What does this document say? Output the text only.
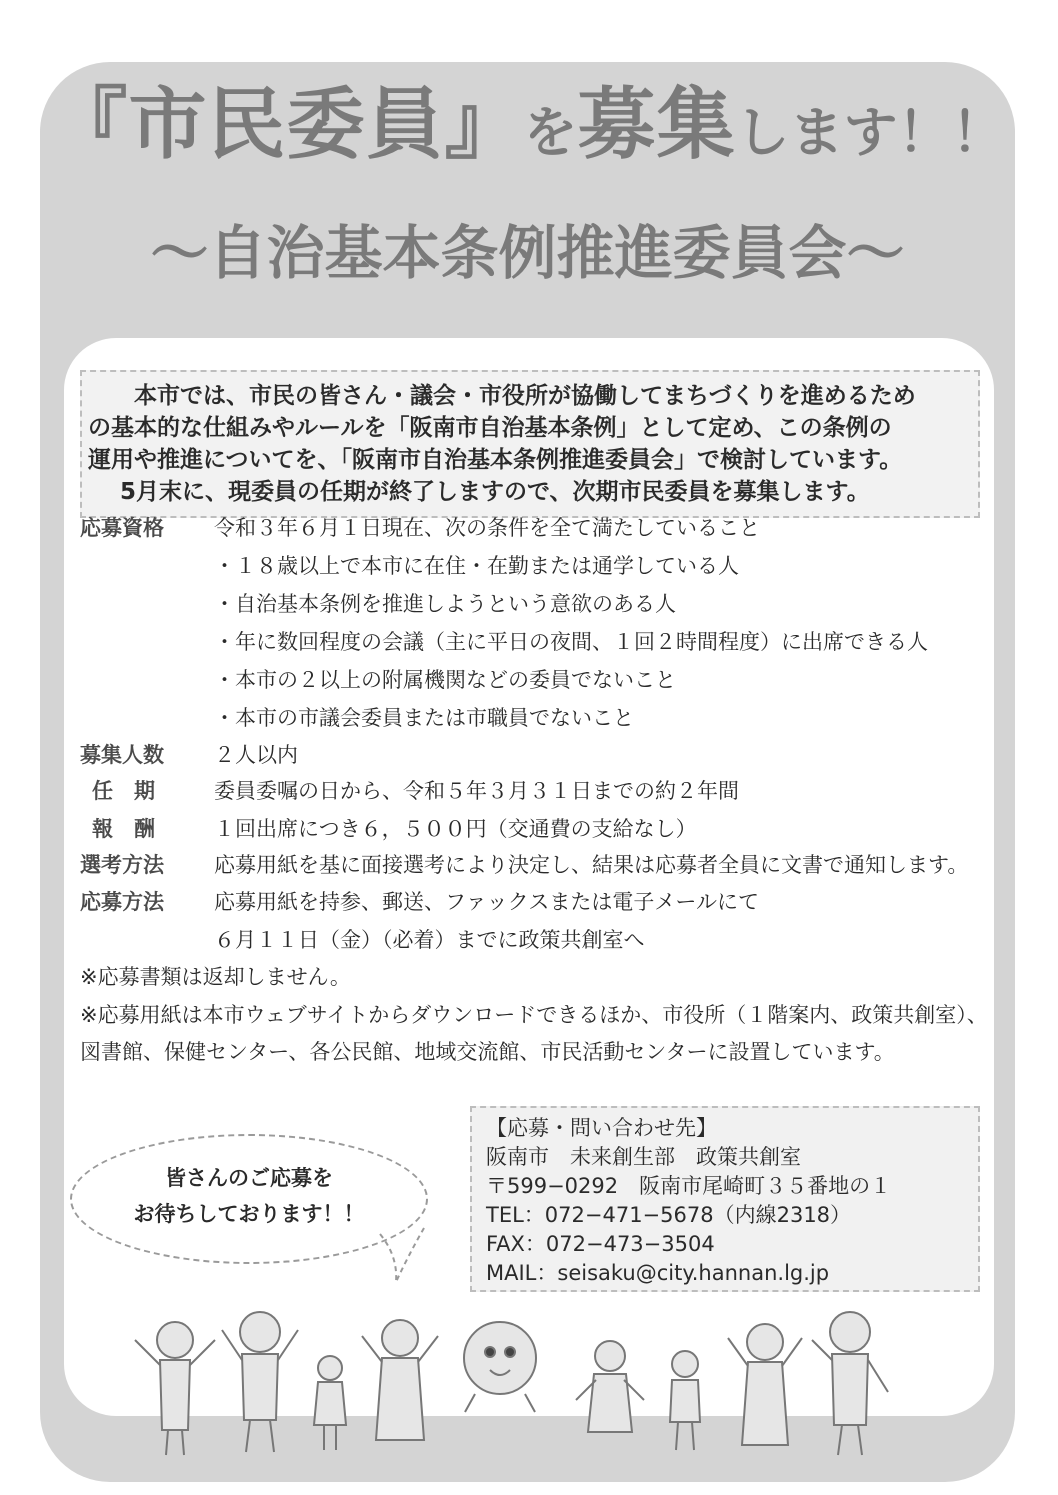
『市民委員』を募集します！！
～自治基本条例推進委員会～

本市では、市民の皆さん・議会・市役所が協働してまちづくりを進めるため

の基本的な仕組みやルールを「阪南市自治基本条例」として定め、この条例の

運用や推進についてを、「阪南市自治基本条例推進委員会」で検討しています。

5月末に、現委員の任期が終了しますので、次期市民委員を募集します。

応募資格	令和３年６月１日現在、次の条件を全て満たしていること
・１８歳以上で本市に在住・在勤または通学している人
・自治基本条例を推進しようという意欲のある人
・年に数回程度の会議（主に平日の夜間、１回２時間程度）に出席できる人
・本市の２以上の附属機関などの委員でないこと
・本市の市議会委員または市職員でないこと
募集人数	２人以内
任　期	委員委嘱の日から、令和５年３月３１日までの約２年間
報　酬	１回出席につき６，５００円（交通費の支給なし）
選考方法	応募用紙を基に面接選考により決定し、結果は応募者全員に文書で通知します。
応募方法	応募用紙を持参、郵送、ファックスまたは電子メールにて
６月１１日（金）（必着）までに政策共創室へ
※応募書類は返却しません。
※応募用紙は本市ウェブサイトからダウンロードできるほか、市役所（１階案内、政策共創室）、
図書館、保健センター、各公民館、地域交流館、市民活動センターに設置しています。
皆さんのご応募を
お待ちしております！！
【応募・問い合わせ先】
阪南市　未来創生部　政策共創室
〒599−0292　阪南市尾崎町３５番地の１
TEL：072−471−5678（内線2318）
FAX：072−473−3504
MAIL：seisaku@city.hannan.lg.jp
